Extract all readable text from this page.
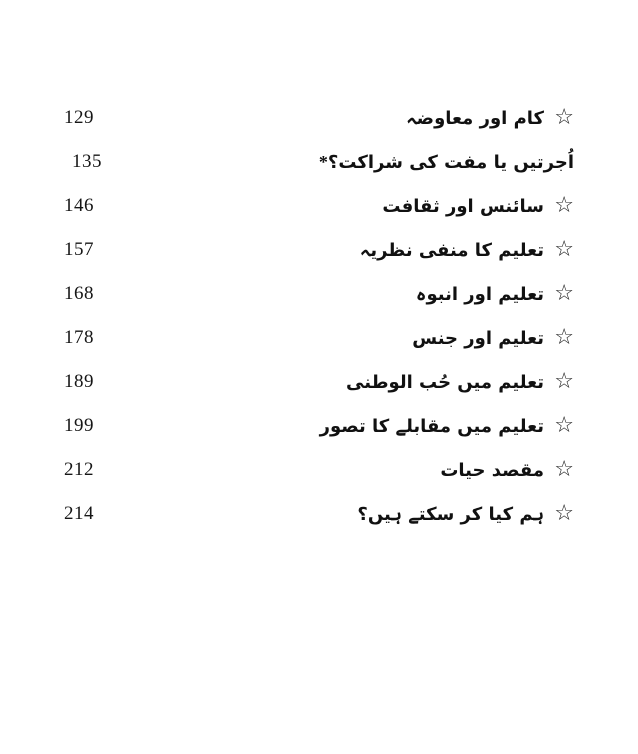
129	کام اور معاوضہ ☆
135	اُجرتیں یا مفت کی شراکت؟*
146	سائنس اور ثقافت ☆
157	تعلیم کا منفی نظریہ ☆
168	تعلیم اور انبوہ ☆
178	تعلیم اور جنس ☆
189	تعلیم میں حُب الوطنی ☆
199	تعلیم میں مقابلے کا تصور ☆
212	مقصد حیات ☆
214	ہم کیا کر سکتے ہیں؟ ☆
